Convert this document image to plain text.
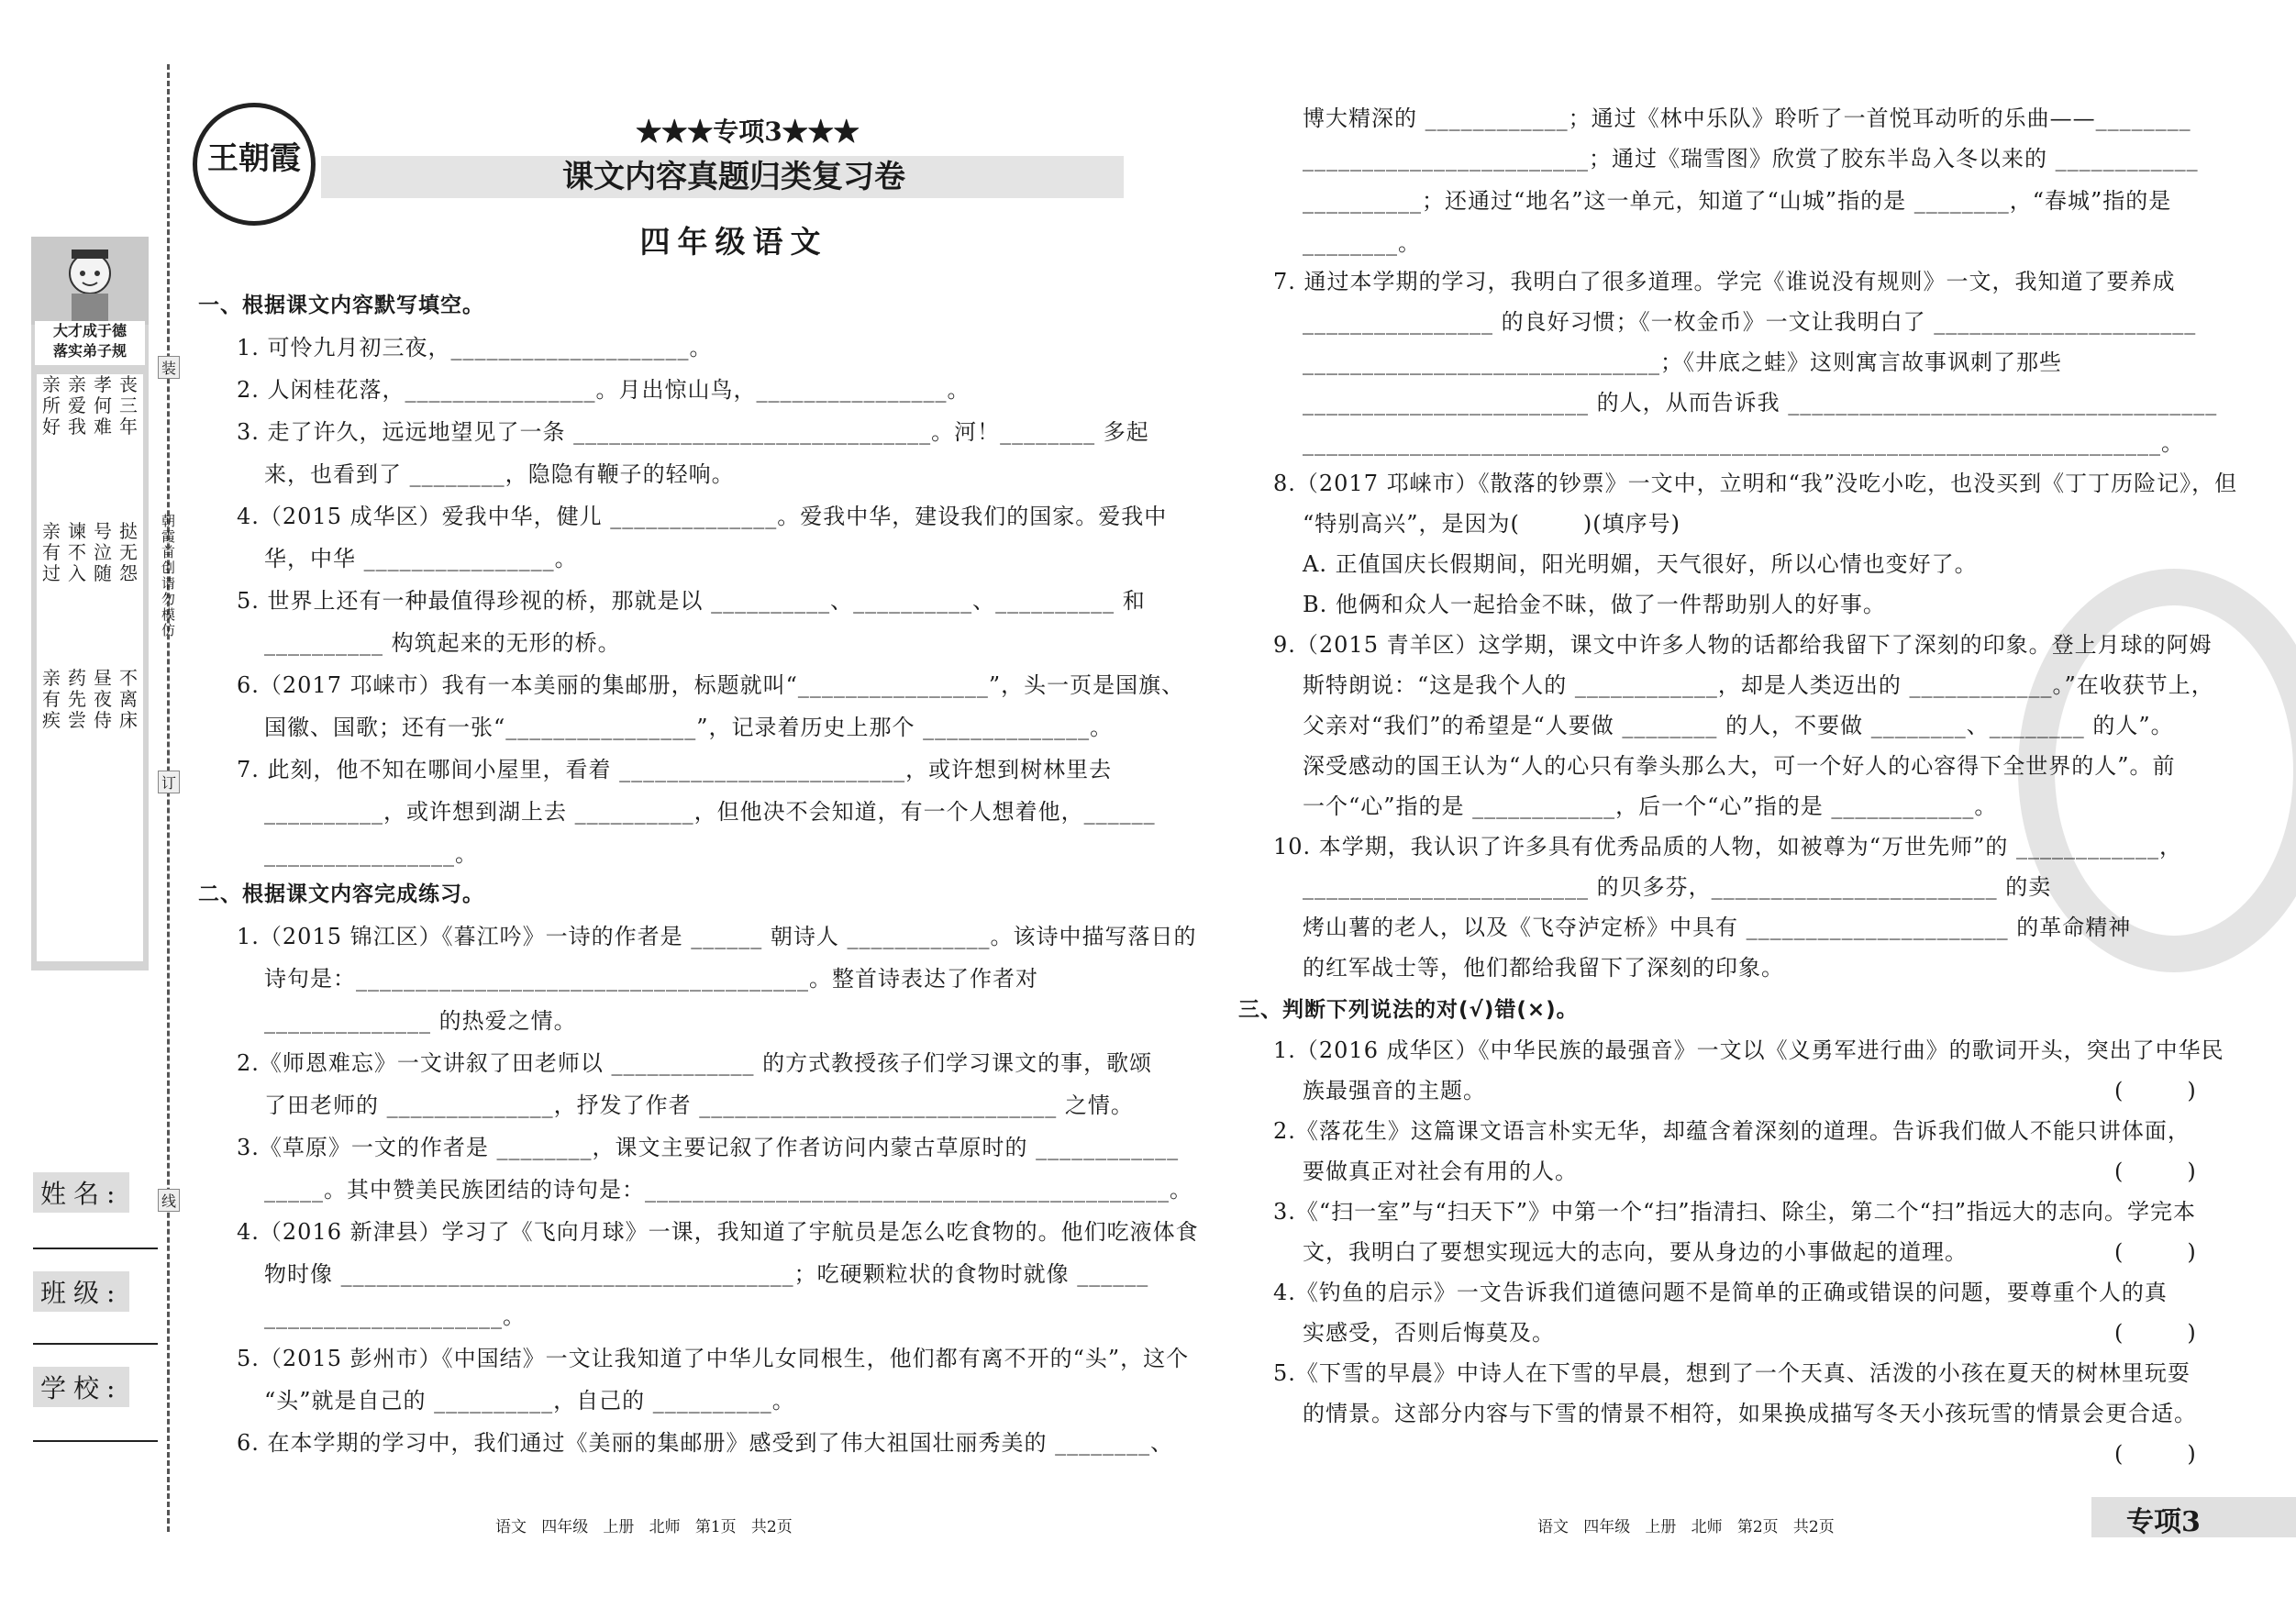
大才成于德
落实弟子规
亲所好
亲爱我
孝何难
丧三年
亲有过
谏不入
号泣随
挞无怨
亲有疾
药先尝
昼夜侍
不离床
装
订
线
朝霞首创 请勿模仿
姓名:
班级:
学校:
王朝霞
★★★专项3★★★
课文内容真题归类复习卷
四年级语文
一、根据课文内容默写填空。
1. 可怜九月初三夜，____________________。
2. 人闲桂花落，________________。月出惊山鸟，________________。
3. 走了许久，远远地望见了一条 ______________________________。河！________ 多起
来，也看到了 ________，隐隐有鞭子的轻响。
4.（2015 成华区）爱我中华，健儿 ______________。爱我中华，建设我们的国家。爱我中
华，中华 ________________。
5. 世界上还有一种最值得珍视的桥，那就是以 __________、__________、__________ 和
__________ 构筑起来的无形的桥。
6.（2017 邛崃市）我有一本美丽的集邮册，标题就叫“________________”，头一页是国旗、
国徽、国歌；还有一张“________________”，记录着历史上那个 ______________。
7. 此刻，他不知在哪间小屋里，看着 ________________________，或许想到树林里去
__________，或许想到湖上去 __________，但他决不会知道，有一个人想着他，______
________________。
二、根据课文内容完成练习。
1.（2015 锦江区）《暮江吟》一诗的作者是 ______ 朝诗人 ____________。该诗中描写落日的
诗句是：______________________________________。整首诗表达了作者对
______________ 的热爱之情。
2.《师恩难忘》一文讲叙了田老师以 ____________ 的方式教授孩子们学习课文的事，歌颂
了田老师的 ______________，抒发了作者 ______________________________ 之情。
3.《草原》一文的作者是 ________，课文主要记叙了作者访问内蒙古草原时的 ____________
_____。其中赞美民族团结的诗句是：____________________________________________。
4.（2016 新津县）学习了《飞向月球》一课，我知道了宇航员是怎么吃食物的。他们吃液体食
物时像 ______________________________________；吃硬颗粒状的食物时就像 ______
____________________。
5.（2015 彭州市）《中国结》一文让我知道了中华儿女同根生，他们都有离不开的“头”，这个
“头”就是自己的 __________，自己的 __________。
6. 在本学期的学习中，我们通过《美丽的集邮册》感受到了伟大祖国壮丽秀美的 ________、
语文   四年级   上册   北师   第1页   共2页
博大精深的 ____________；通过《林中乐队》聆听了一首悦耳动听的乐曲——________
________________________；通过《瑞雪图》欣赏了胶东半岛入冬以来的 ____________
__________；还通过“地名”这一单元，知道了“山城”指的是 ________，“春城”指的是
________。
7. 通过本学期的学习，我明白了很多道理。学完《谁说没有规则》一文，我知道了要养成
________________ 的良好习惯；《一枚金币》一文让我明白了 ______________________
______________________________；《井底之蛙》这则寓言故事讽刺了那些
________________________ 的人，从而告诉我 ____________________________________
________________________________________________________________________。
8.（2017 邛崃市）《散落的钞票》一文中，立明和“我”没吃小吃，也没买到《丁丁历险记》，但
“特别高兴”，是因为(        )(填序号)
A. 正值国庆长假期间，阳光明媚，天气很好，所以心情也变好了。
B. 他俩和众人一起拾金不昧，做了一件帮助别人的好事。
9.（2015 青羊区）这学期，课文中许多人物的话都给我留下了深刻的印象。登上月球的阿姆
斯特朗说：“这是我个人的 ____________，却是人类迈出的 ____________。”在收获节上，
父亲对“我们”的希望是“人要做 ________ 的人，不要做 ________、________ 的人”。
深受感动的国王认为“人的心只有拳头那么大，可一个好人的心容得下全世界的人”。前
一个“心”指的是 ____________，后一个“心”指的是 ____________。
10. 本学期，我认识了许多具有优秀品质的人物，如被尊为“万世先师”的 ____________，
________________________ 的贝多芬，________________________ 的卖
烤山薯的老人，以及《飞夺泸定桥》中具有 ______________________ 的革命精神
的红军战士等，他们都给我留下了深刻的印象。
三、判断下列说法的对(√)错(×)。
1.（2016 成华区）《中华民族的最强音》一文以《义勇军进行曲》的歌词开头，突出了中华民
族最强音的主题。	(        )
2.《落花生》这篇课文语言朴实无华，却蕴含着深刻的道理。告诉我们做人不能只讲体面，
要做真正对社会有用的人。	(        )
3.《“扫一室”与“扫天下”》中第一个“扫”指清扫、除尘，第二个“扫”指远大的志向。学完本
文，我明白了要想实现远大的志向，要从身边的小事做起的道理。	(        )
4.《钓鱼的启示》一文告诉我们道德问题不是简单的正确或错误的问题，要尊重个人的真
实感受，否则后悔莫及。	(        )
5.《下雪的早晨》中诗人在下雪的早晨，想到了一个天真、活泼的小孩在夏天的树林里玩耍
的情景。这部分内容与下雪的情景不相符，如果换成描写冬天小孩玩雪的情景会更合适。
(        )
语文   四年级   上册   北师   第2页   共2页	专项3
